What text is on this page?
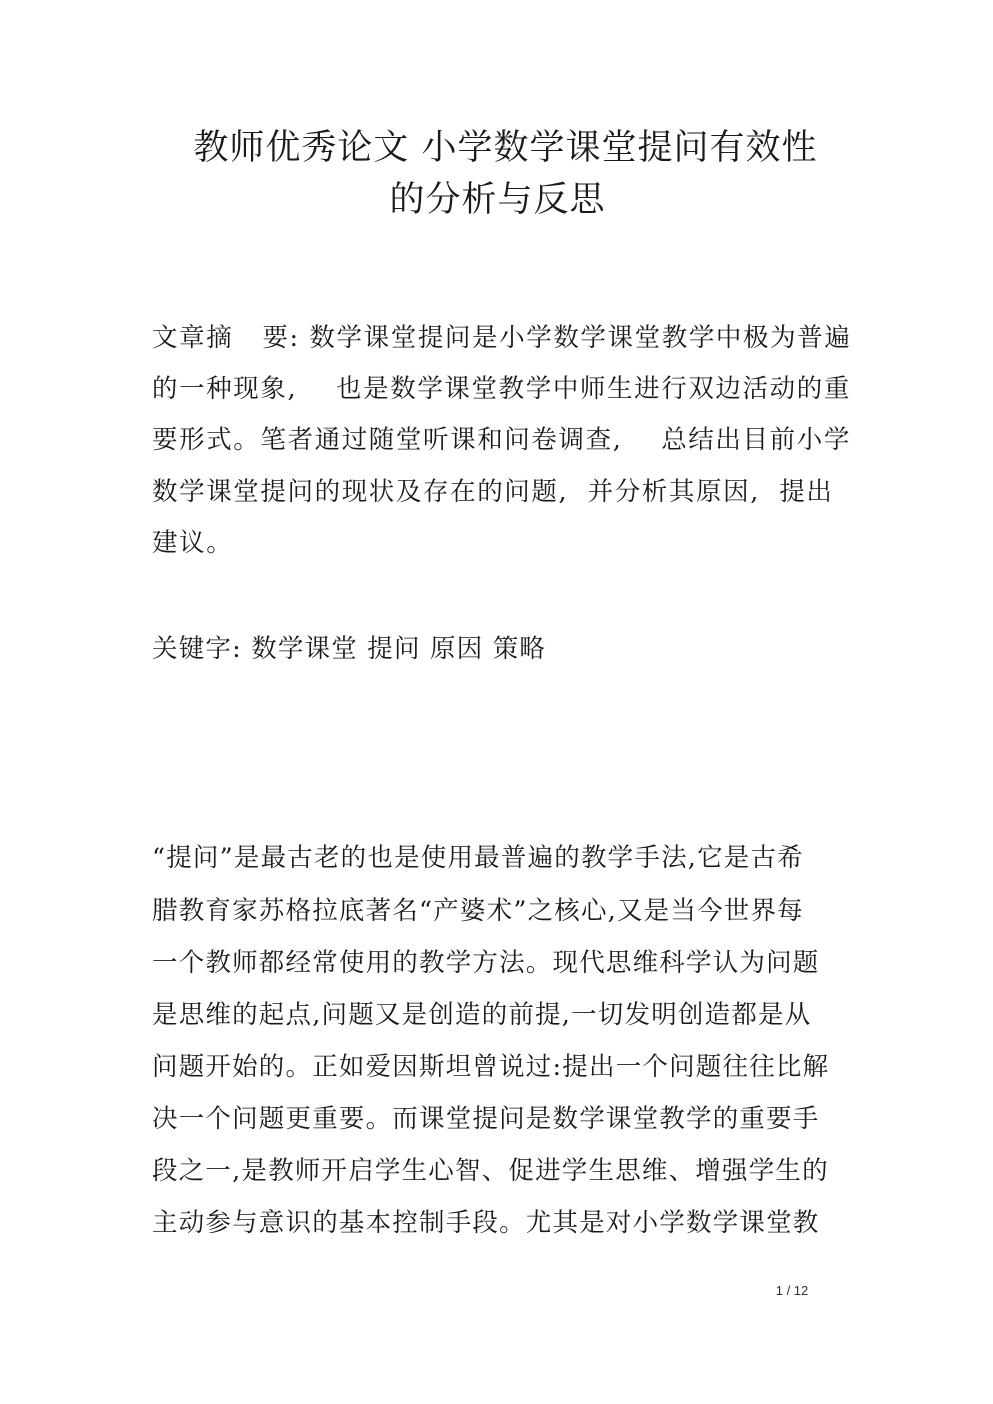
教师优秀论文 小学数学课堂提问有效性
的分析与反思
文章摘   要: 数学课堂提问是小学数学课堂教学中极为普遍
的一种现象,    也是数学课堂教学中师生进行双边活动的重
要形式。笔者通过随堂听课和问卷调查,    总结出目前小学
数学课堂提问的现状及存在的问题,  并分析其原因,  提出
建议。
关键字: 数学课堂 提问 原因 策略
“提问”是最古老的也是使用最普遍的教学手法,它是古希
腊教育家苏格拉底著名“产婆术”之核心,又是当今世界每
一个教师都经常使用的教学方法。现代思维科学认为问题
是思维的起点,问题又是创造的前提,一切发明创造都是从
问题开始的。正如爱因斯坦曾说过:提出一个问题往往比解
决一个问题更重要。而课堂提问是数学课堂教学的重要手
段之一,是教师开启学生心智、促进学生思维、增强学生的
主动参与意识的基本控制手段。尤其是对小学数学课堂教
1 / 12
